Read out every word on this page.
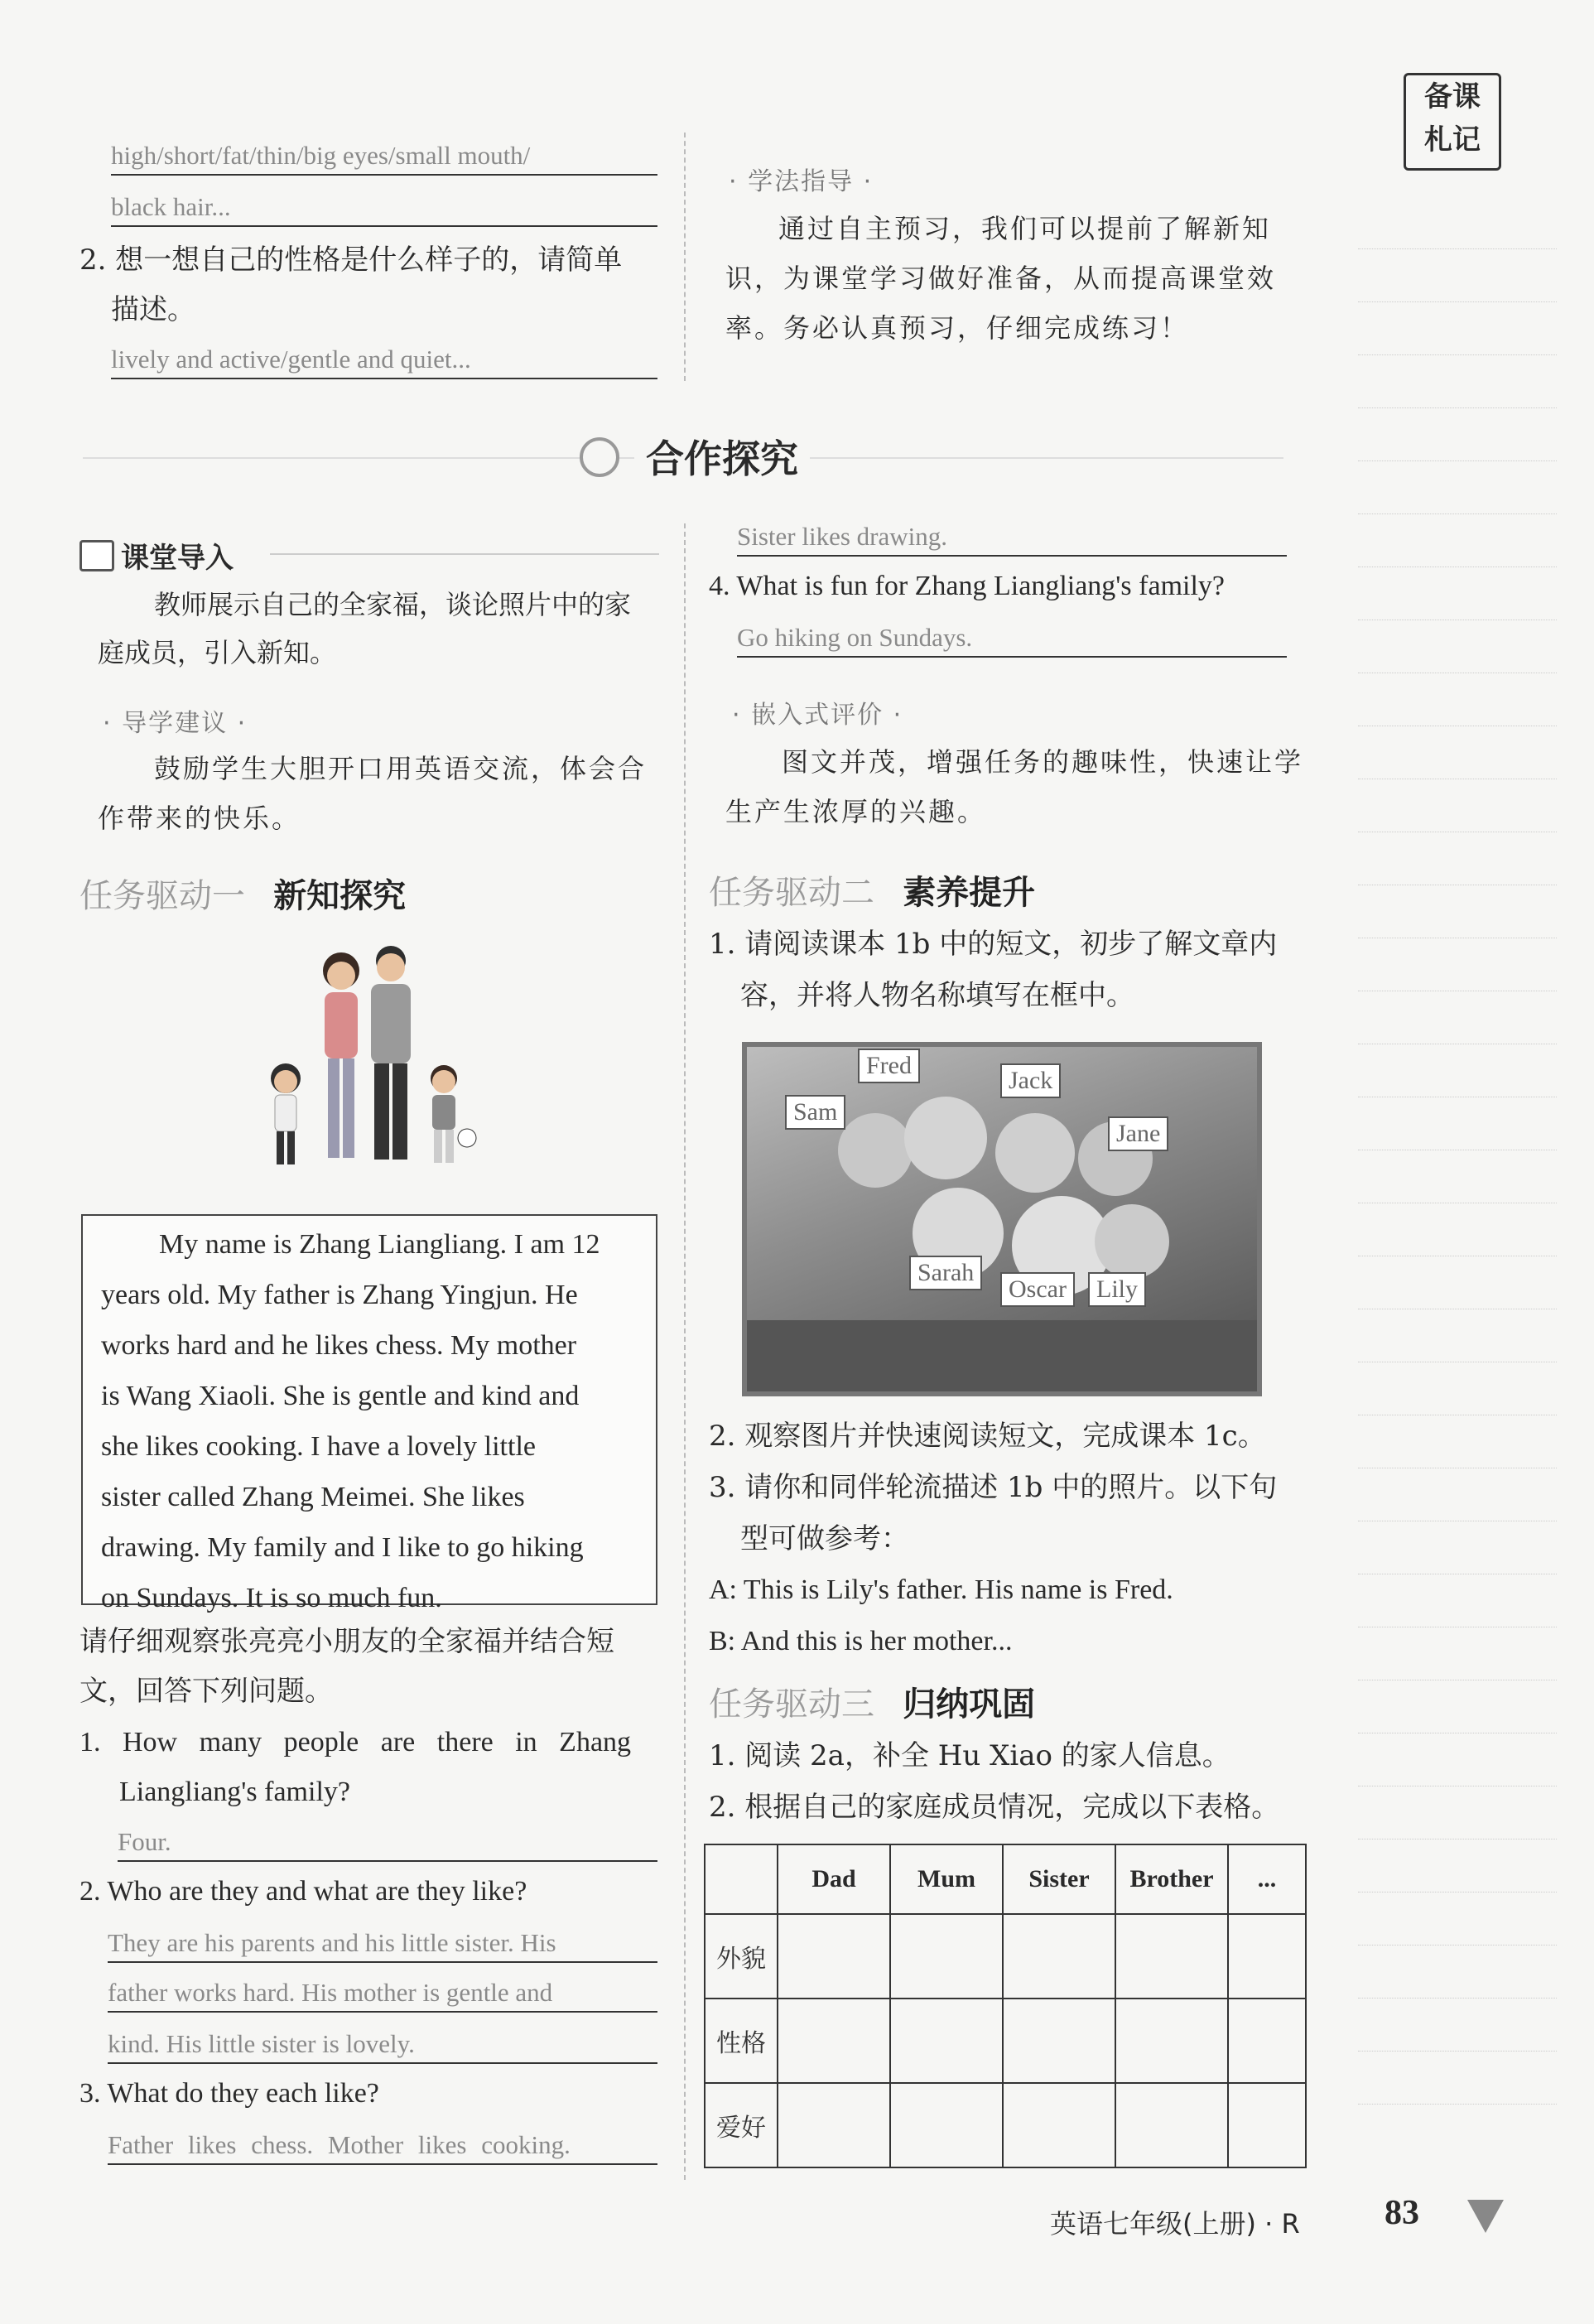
备课
札记
high/short/fat/thin/big eyes/small mouth/
black hair...
2. 想一想自己的性格是什么样子的，请简单
描述。
lively and active/gentle and quiet...
· 学法指导 ·
通过自主预习，我们可以提前了解新知
识，为课堂学习做好准备，从而提高课堂效
率。务必认真预习，仔细完成练习！
合作探究
课堂导入
教师展示自己的全家福，谈论照片中的家
庭成员，引入新知。
· 导学建议 ·
鼓励学生大胆开口用英语交流，体会合
作带来的快乐。
任务驱动一 新知探究
My name is Zhang Liangliang. I am 12
years old. My father is Zhang Yingjun. He
works hard and he likes chess. My mother
is Wang Xiaoli. She is gentle and kind and
she likes cooking. I have a lovely little
sister called Zhang Meimei. She likes
drawing. My family and I like to go hiking
on Sundays. It is so much fun.
请仔细观察张亮亮小朋友的全家福并结合短
文，回答下列问题。
1. How many people are there in Zhang
Liangliang's family?
Four.
2. Who are they and what are they like?
They are his parents and his little sister. His
father works hard. His mother is gentle and
kind. His little sister is lovely.
3. What do they each like?
Father likes chess. Mother likes cooking.
Sister likes drawing.
4. What is fun for Zhang Liangliang's family?
Go hiking on Sundays.
· 嵌入式评价 ·
图文并茂，增强任务的趣味性，快速让学
生产生浓厚的兴趣。
任务驱动二 素养提升
1. 请阅读课本 1b 中的短文，初步了解文章内
容，并将人物名称填写在框中。
Fred
Jack
Sam
Jane
Sarah
Oscar	Lily
2. 观察图片并快速阅读短文，完成课本 1c。
3. 请你和同伴轮流描述 1b 中的照片。以下句
型可做参考：
A: This is Lily's father. His name is Fred.
B: And this is her mother...
任务驱动三 归纳巩固
1. 阅读 2a，补全 Hu Xiao 的家人信息。
2. 根据自己的家庭成员情况，完成以下表格。
	Dad	Mum	Sister	Brother	...
外貌					
性格					
爱好					
英语七年级(上册) · R 83
